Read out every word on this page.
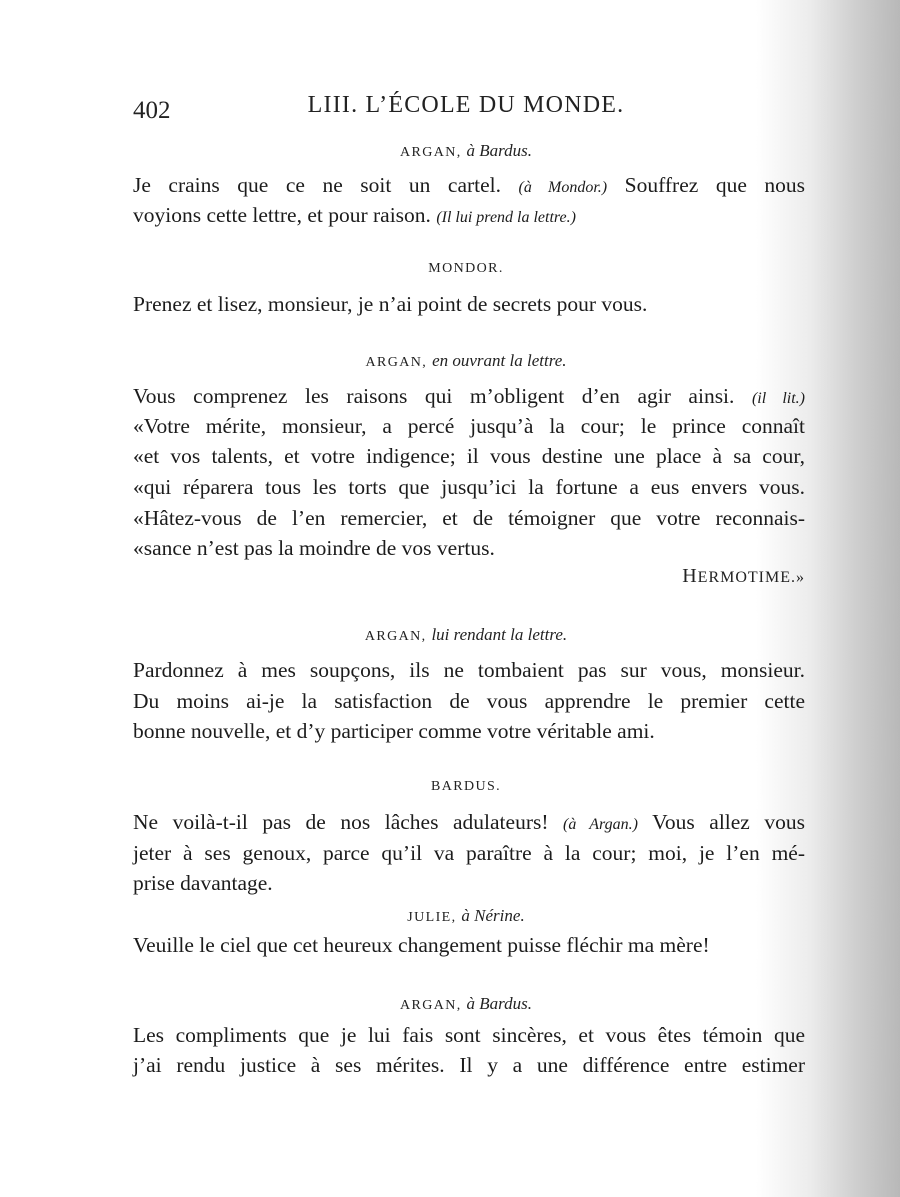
402	LIII. L’ÉCOLE DU MONDE.
ARGAN, à Bardus.
Je crains que ce ne soit un cartel. (à Mondor.) Souffrez que nous
voyions cette lettre, et pour raison. (Il lui prend la lettre.)
MONDOR.
Prenez et lisez, monsieur, je n’ai point de secrets pour vous.
ARGAN, en ouvrant la lettre.
Vous comprenez les raisons qui m’obligent d’en agir ainsi. (il lit.)
«Votre mérite, monsieur, a percé jusqu’à la cour; le prince connaît
«et vos talents, et votre indigence; il vous destine une place à sa cour,
«qui réparera tous les torts que jusqu’ici la fortune a eus envers vous.
«Hâtez-vous de l’en remercier, et de témoigner que votre reconnais-
«sance n’est pas la moindre de vos vertus.
HERMOTIME.»
ARGAN, lui rendant la lettre.
Pardonnez à mes soupçons, ils ne tombaient pas sur vous, monsieur.
Du moins ai-je la satisfaction de vous apprendre le premier cette
bonne nouvelle, et d’y participer comme votre véritable ami.
BARDUS.
Ne voilà-t-il pas de nos lâches adulateurs! (à Argan.) Vous allez vous
jeter à ses genoux, parce qu’il va paraître à la cour; moi, je l’en mé-
prise davantage.
JULIE, à Nérine.
Veuille le ciel que cet heureux changement puisse fléchir ma mère!
ARGAN, à Bardus.
Les compliments que je lui fais sont sincères, et vous êtes témoin que
j’ai rendu justice à ses mérites. Il y a une différence entre estimer
